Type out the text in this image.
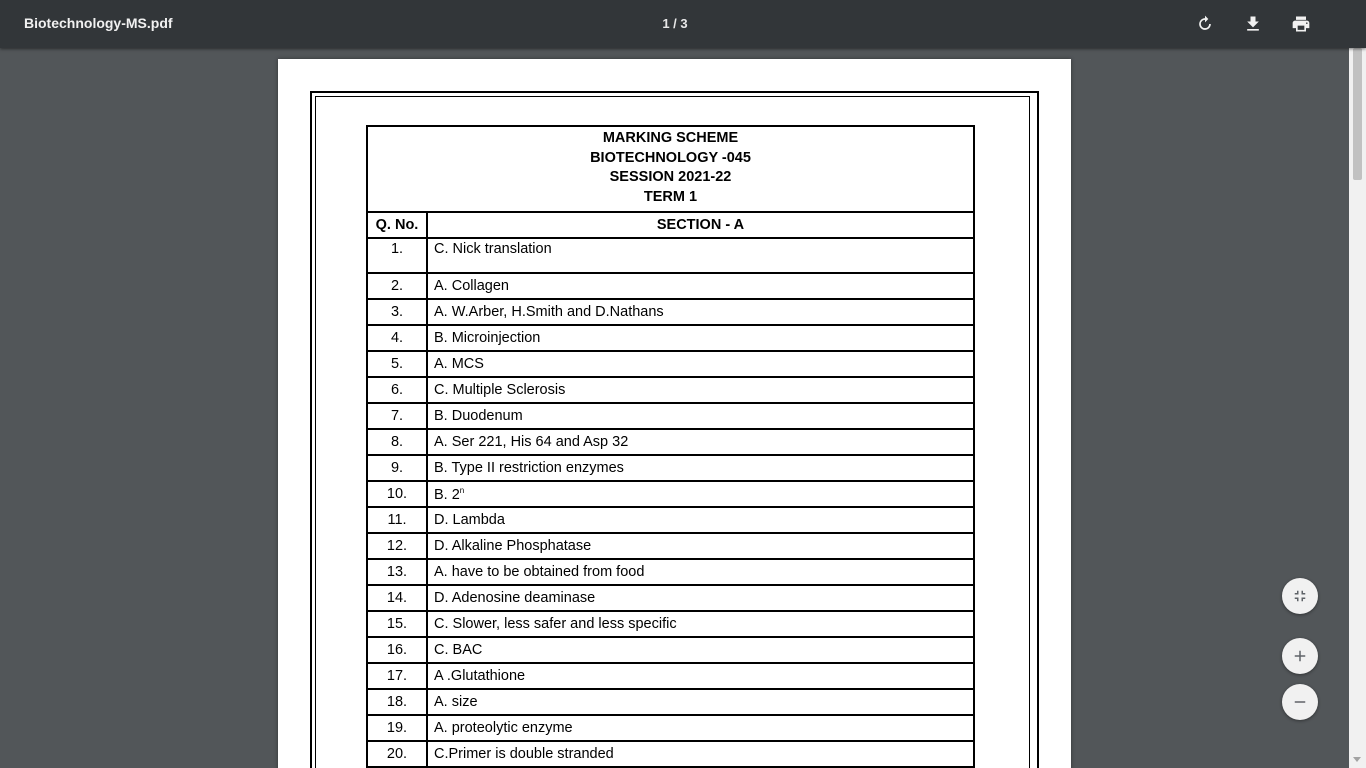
Biotechnology-MS.pdf	1 / 3
MARKING SCHEME
BIOTECHNOLOGY -045
SESSION 2021-22
TERM 1	

Q. No.	SECTION - A
1.	C. Nick translation
2.	A. Collagen
3.	A. W.Arber, H.Smith and D.Nathans
4.	B. Microinjection
5.	A. MCS
6.	C. Multiple Sclerosis
7.	B. Duodenum
8.	A. Ser 221, His 64 and Asp 32
9.	B. Type II restriction enzymes
10.	B. 2$^n$
11.	D. Lambda
12.	D. Alkaline Phosphatase
13.	A. have to be obtained from food
14.	D. Adenosine deaminase
15.	C. Slower, less safer and less specific
16.	C. BAC
17.	A .Glutathione
18.	A. size
19.	A. proteolytic enzyme
20.	C.Primer is double stranded
